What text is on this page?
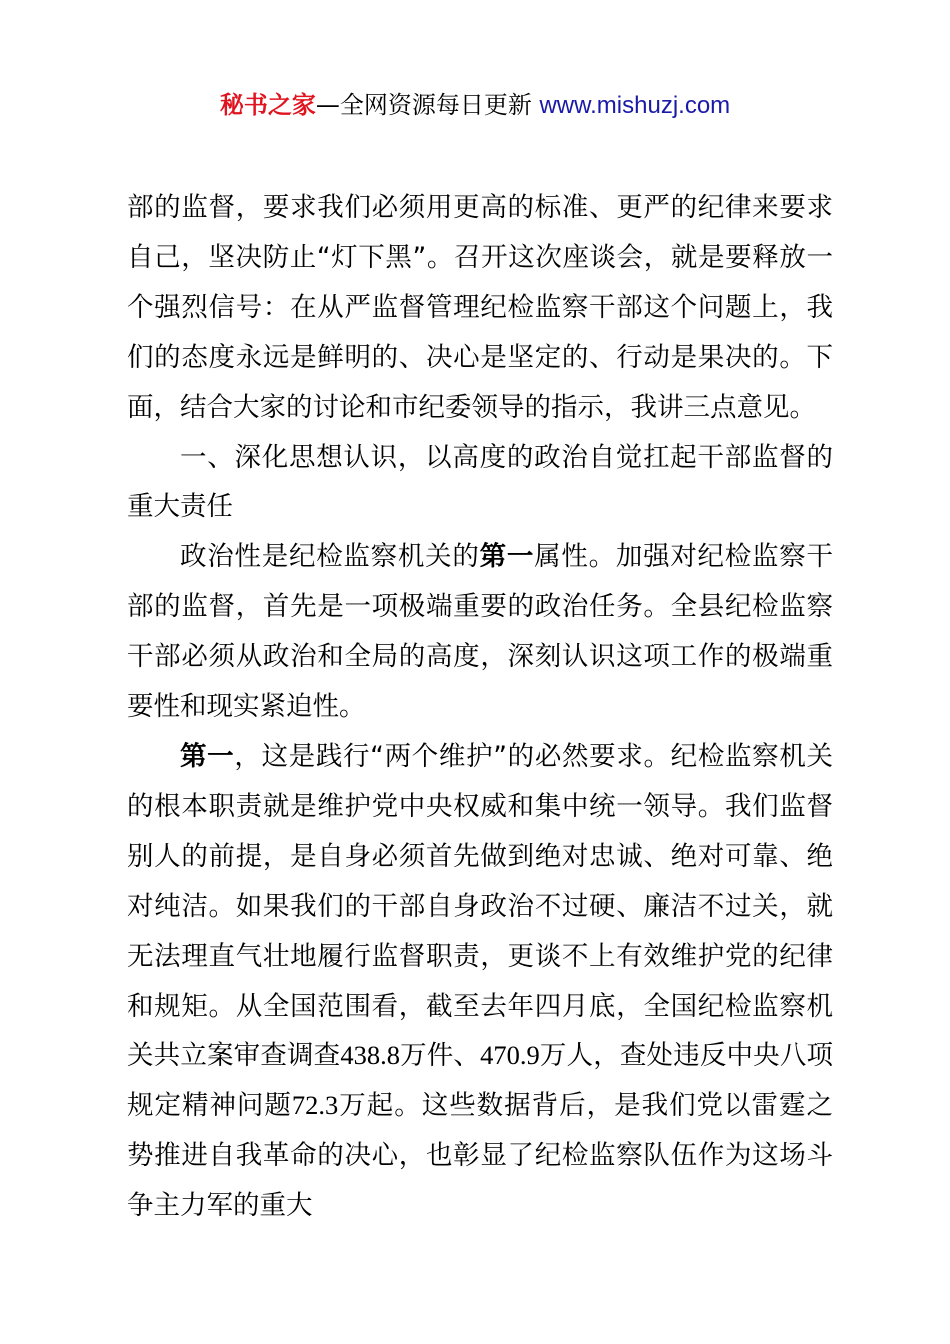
秘书之家—全网资源每日更新 www.mishuzj.com

部的监督，要求我们必须用更高的标准、更严的纪律来要求自己，坚决防止“灯下黑”。召开这次座谈会，就是要释放一个强烈信号：在从严监督管理纪检监察干部这个问题上，我们的态度永远是鲜明的、决心是坚定的、行动是果决的。下面，结合大家的讨论和市纪委领导的指示，我讲三点意见。

一、深化思想认识，以高度的政治自觉扛起干部监督的重大责任

政治性是纪检监察机关的第一属性。加强对纪检监察干部的监督，首先是一项极端重要的政治任务。全县纪检监察干部必须从政治和全局的高度，深刻认识这项工作的极端重要性和现实紧迫性。

第一，这是践行“两个维护”的必然要求。纪检监察机关的根本职责就是维护党中央权威和集中统一领导。我们监督别人的前提，是自身必须首先做到绝对忠诚、绝对可靠、绝对纯洁。如果我们的干部自身政治不过硬、廉洁不过关，就无法理直气壮地履行监督职责，更谈不上有效维护党的纪律和规矩。从全国范围看，截至去年四月底，全国纪检监察机关共立案审查调查438.8万件、470.9万人，查处违反中央八项规定精神问题72.3万起。这些数据背后，是我们党以雷霆之势推进自我革命的决心，也彰显了纪检监察队伍作为这场斗争主力军的重大
